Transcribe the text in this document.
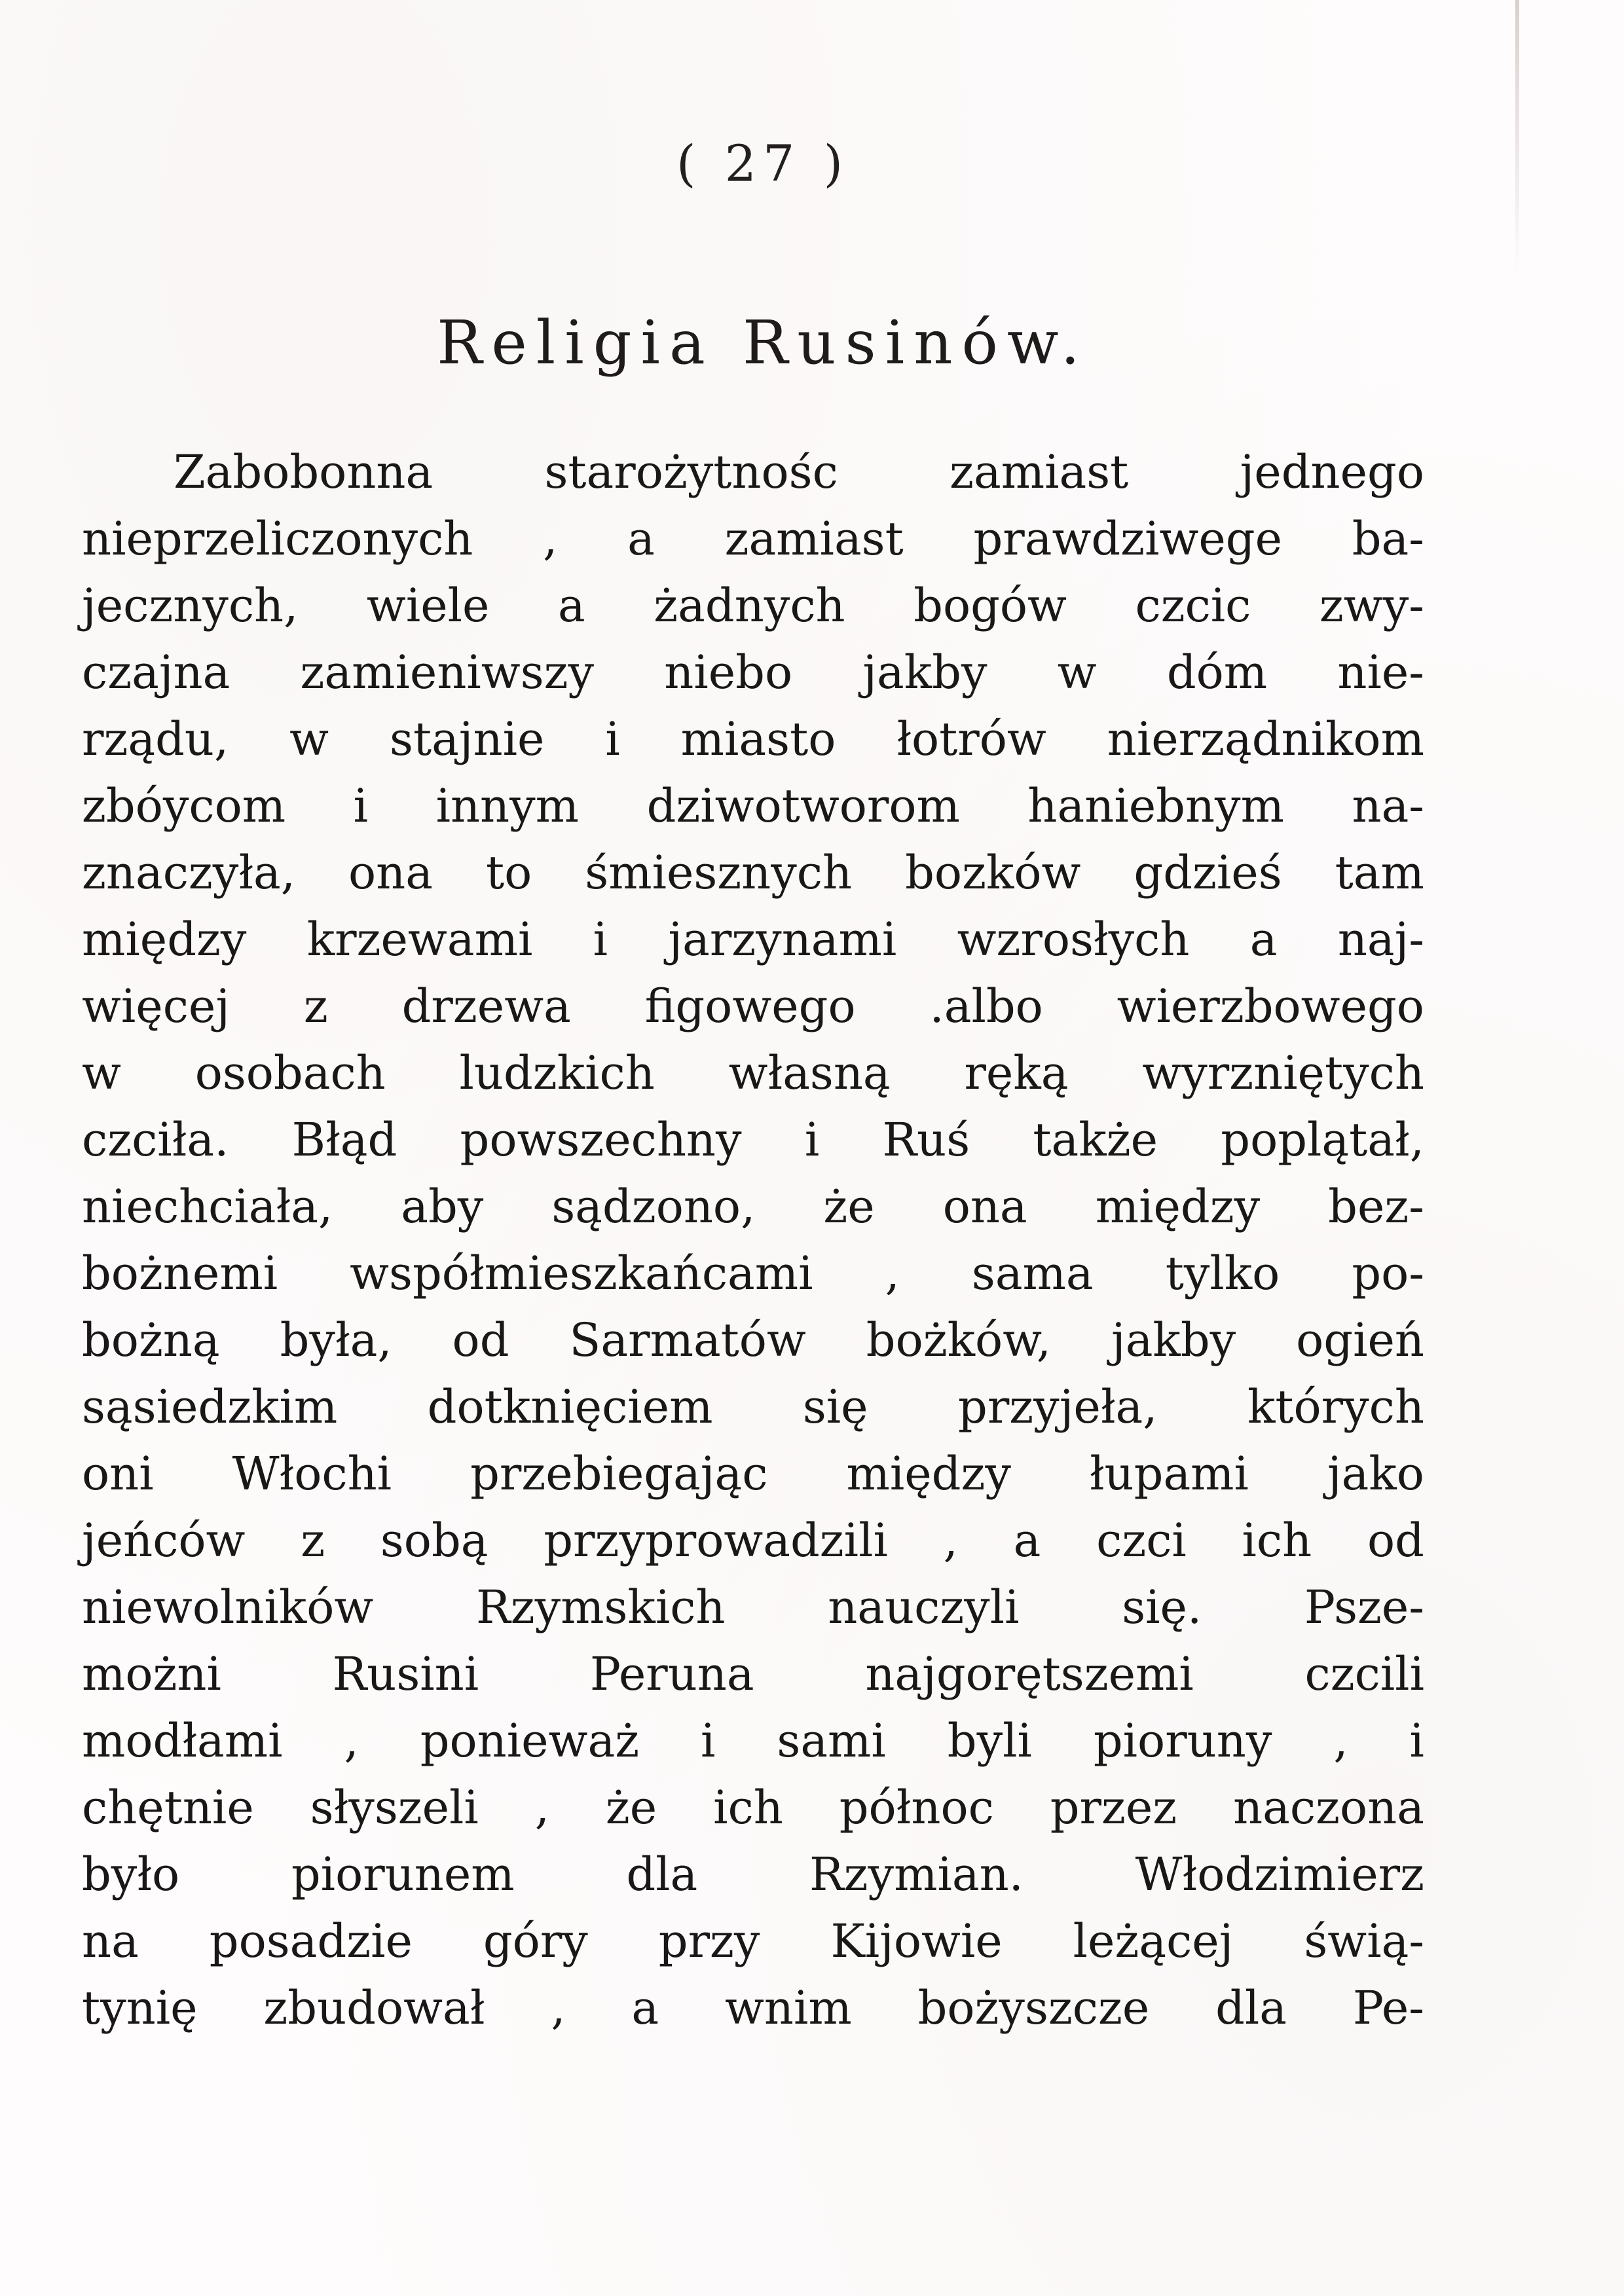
( 27 )
Religia Rusinów.
Zabobonna starożytnośc zamiast jednego
nieprzeliczonych , a zamiast prawdziwege ba-
jecznych, wiele a żadnych bogów czcic zwy-
czajna zamieniwszy niebo jakby w dóm nie-
rządu, w stajnie i miasto łotrów nierządnikom
zbóycom i innym dziwotworom haniebnym na-
znaczyła, ona to śmiesznych bozków gdzieś tam
między krzewami i jarzynami wzrosłych a naj-
więcej z drzewa figowego .albo wierzbowego
w osobach ludzkich własną ręką wyrzniętych
czciła. Błąd powszechny i Ruś także poplątał,
niechciała, aby sądzono, że ona między bez-
bożnemi współmieszkańcami , sama tylko po-
bożną była, od Sarmatów bożków, jakby ogień
sąsiedzkim dotknięciem się przyjeła, których
oni Włochi przebiegając między łupami jako
jeńców z sobą przyprowadzili , a czci ich od
niewolników Rzymskich nauczyli się. Psze-
możni Rusini Peruna najgorętszemi czcili
modłami , ponieważ i sami byli pioruny , i
chętnie słyszeli , że ich północ przez naczona
było piorunem dla Rzymian. Włodzimierz
na posadzie góry przy Kijowie leżącej świą-
tynię zbudował , a wnim bożyszcze dla Pe-
